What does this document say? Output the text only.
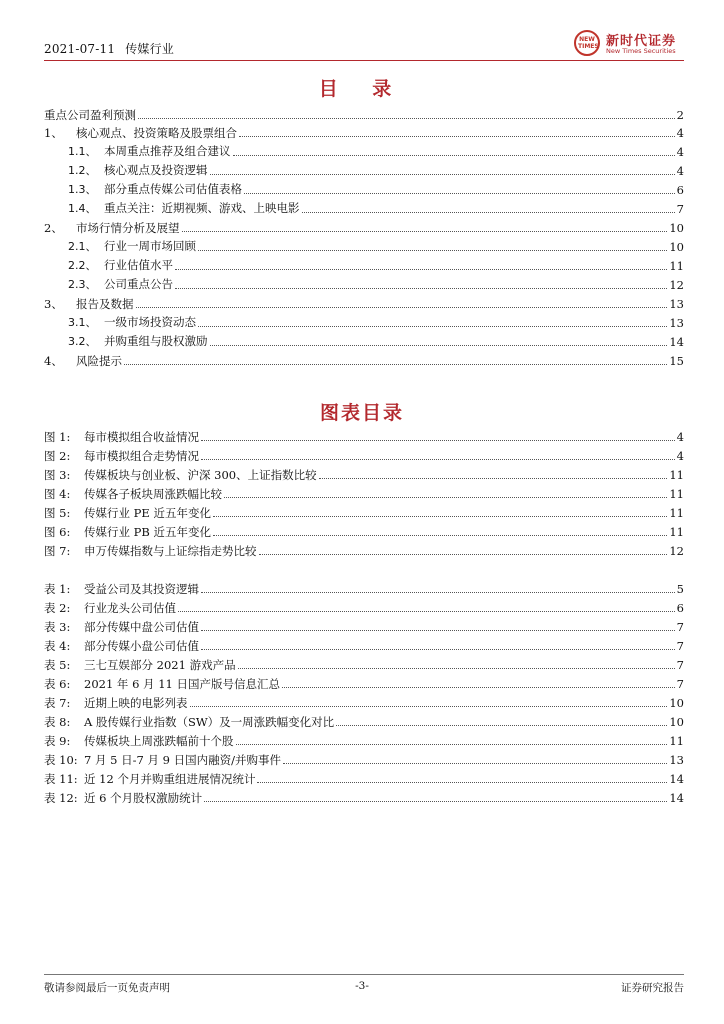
2021-07-11 传媒行业
NEW TIMES 新时代证券
New Times Securities
目 录
重点公司盈利预测	2
1、 核心观点、投资策略及股票组合	4
1.1、 本周重点推荐及组合建议	4
1.2、 核心观点及投资逻辑	4
1.3、 部分重点传媒公司估值表格	6
1.4、 重点关注：近期视频、游戏、上映电影	7
2、 市场行情分析及展望	10
2.1、 行业一周市场回顾	10
2.2、 行业估值水平	11
2.3、 公司重点公告	12
3、 报告及数据	13
3.1、 一级市场投资动态	13
3.2、 并购重组与股权激励	14
4、 风险提示	15
图表目录
图 1: 每市模拟组合收益情况	4
图 2: 每市模拟组合走势情况	4
图 3: 传媒板块与创业板、沪深 300、上证指数比较	11
图 4: 传媒各子板块周涨跌幅比较	11
图 5: 传媒行业 PE 近五年变化	11
图 6: 传媒行业 PB 近五年变化	11
图 7: 申万传媒指数与上证综指走势比较	12
表 1: 受益公司及其投资逻辑	5
表 2: 行业龙头公司估值	6
表 3: 部分传媒中盘公司估值	7
表 4: 部分传媒小盘公司估值	7
表 5: 三七互娱部分 2021 游戏产品	7
表 6: 2021 年 6 月 11 日国产版号信息汇总	7
表 7: 近期上映的电影列表	10
表 8: A 股传媒行业指数（SW）及一周涨跌幅变化对比	10
表 9: 传媒板块上周涨跌幅前十个股	11
表 10: 7 月 5 日-7 月 9 日国内融资/并购事件	13
表 11: 近 12 个月并购重组进展情况统计	14
表 12: 近 6 个月股权激励统计	14
敬请参阅最后一页免责声明	-3-	证券研究报告
